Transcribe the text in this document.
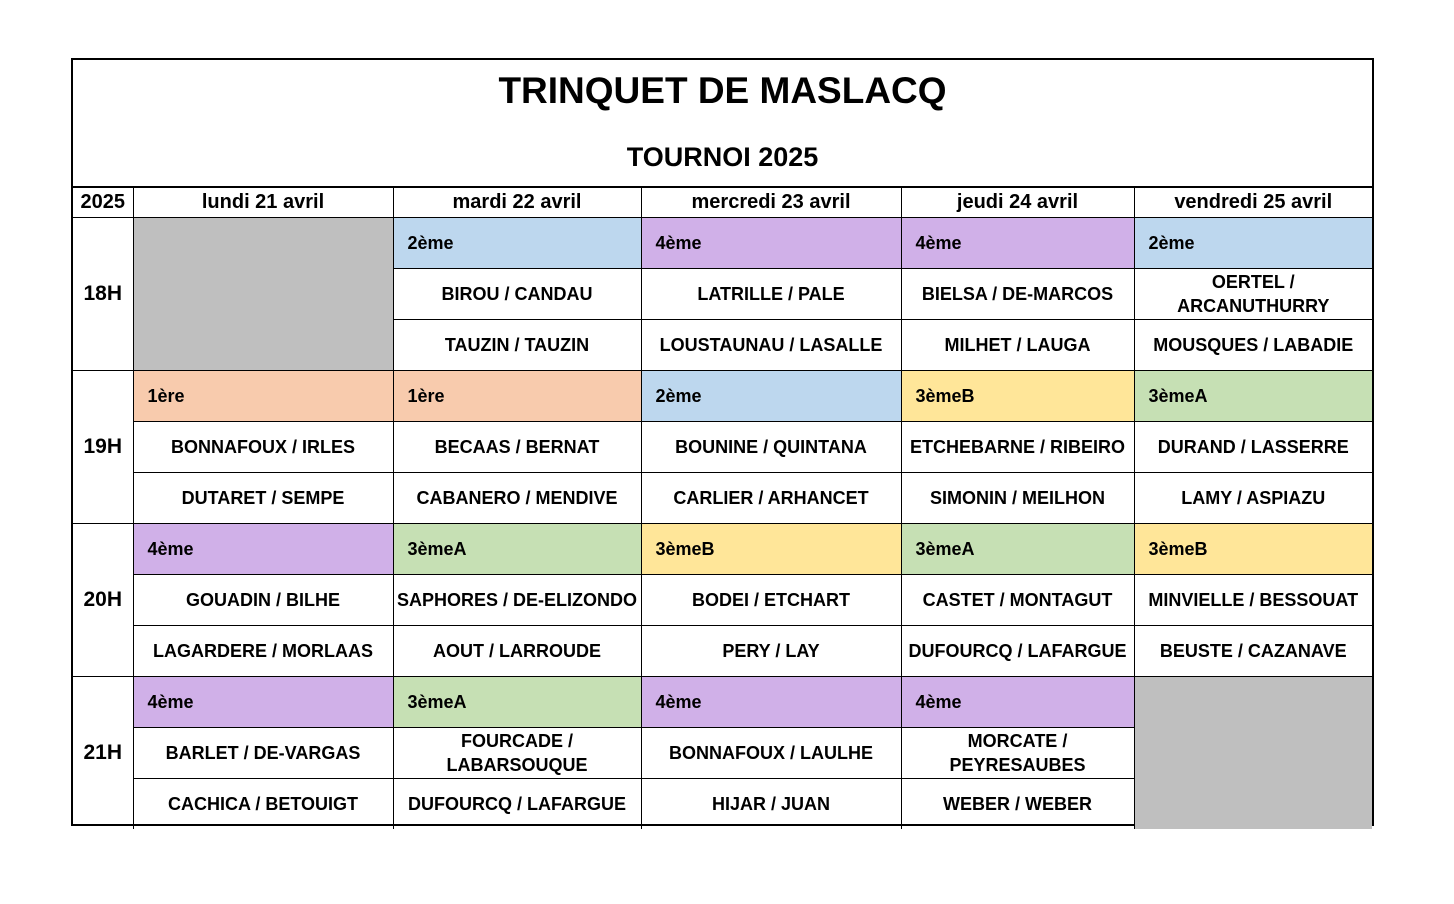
TRINQUET DE MASLACQ
TOURNOI 2025
2025	lundi 21 avril	mardi 22 avril	mercredi 23 avril	jeudi 24 avril	vendredi 25 avril
18H		2ème	4ème	4ème	2ème
		BIROU / CANDAU	LATRILLE / PALE	BIELSA / DE-MARCOS	OERTEL / ARCANUTHURRY
		TAUZIN / TAUZIN	LOUSTAUNAU / LASALLE	MILHET / LAUGA	MOUSQUES / LABADIE
19H	1ère	1ère	2ème	3èmeB	3èmeA
	BONNAFOUX / IRLES	BECAAS / BERNAT	BOUNINE / QUINTANA	ETCHEBARNE / RIBEIRO	DURAND / LASSERRE
	DUTARET / SEMPE	CABANERO / MENDIVE	CARLIER / ARHANCET	SIMONIN / MEILHON	LAMY / ASPIAZU
20H	4ème	3èmeA	3èmeB	3èmeA	3èmeB
	GOUADIN / BILHE	SAPHORES / DE-ELIZONDO	BODEI / ETCHART	CASTET / MONTAGUT	MINVIELLE / BESSOUAT
	LAGARDERE / MORLAAS	AOUT / LARROUDE	PERY / LAY	DUFOURCQ / LAFARGUE	BEUSTE / CAZANAVE
21H	4ème	3èmeA	4ème	4ème	
	BARLET / DE-VARGAS	FOURCADE / LABARSOUQUE	BONNAFOUX / LAULHE	MORCATE / PEYRESAUBES	
	CACHICA / BETOUIGT	DUFOURCQ / LAFARGUE	HIJAR / JUAN	WEBER / WEBER	
